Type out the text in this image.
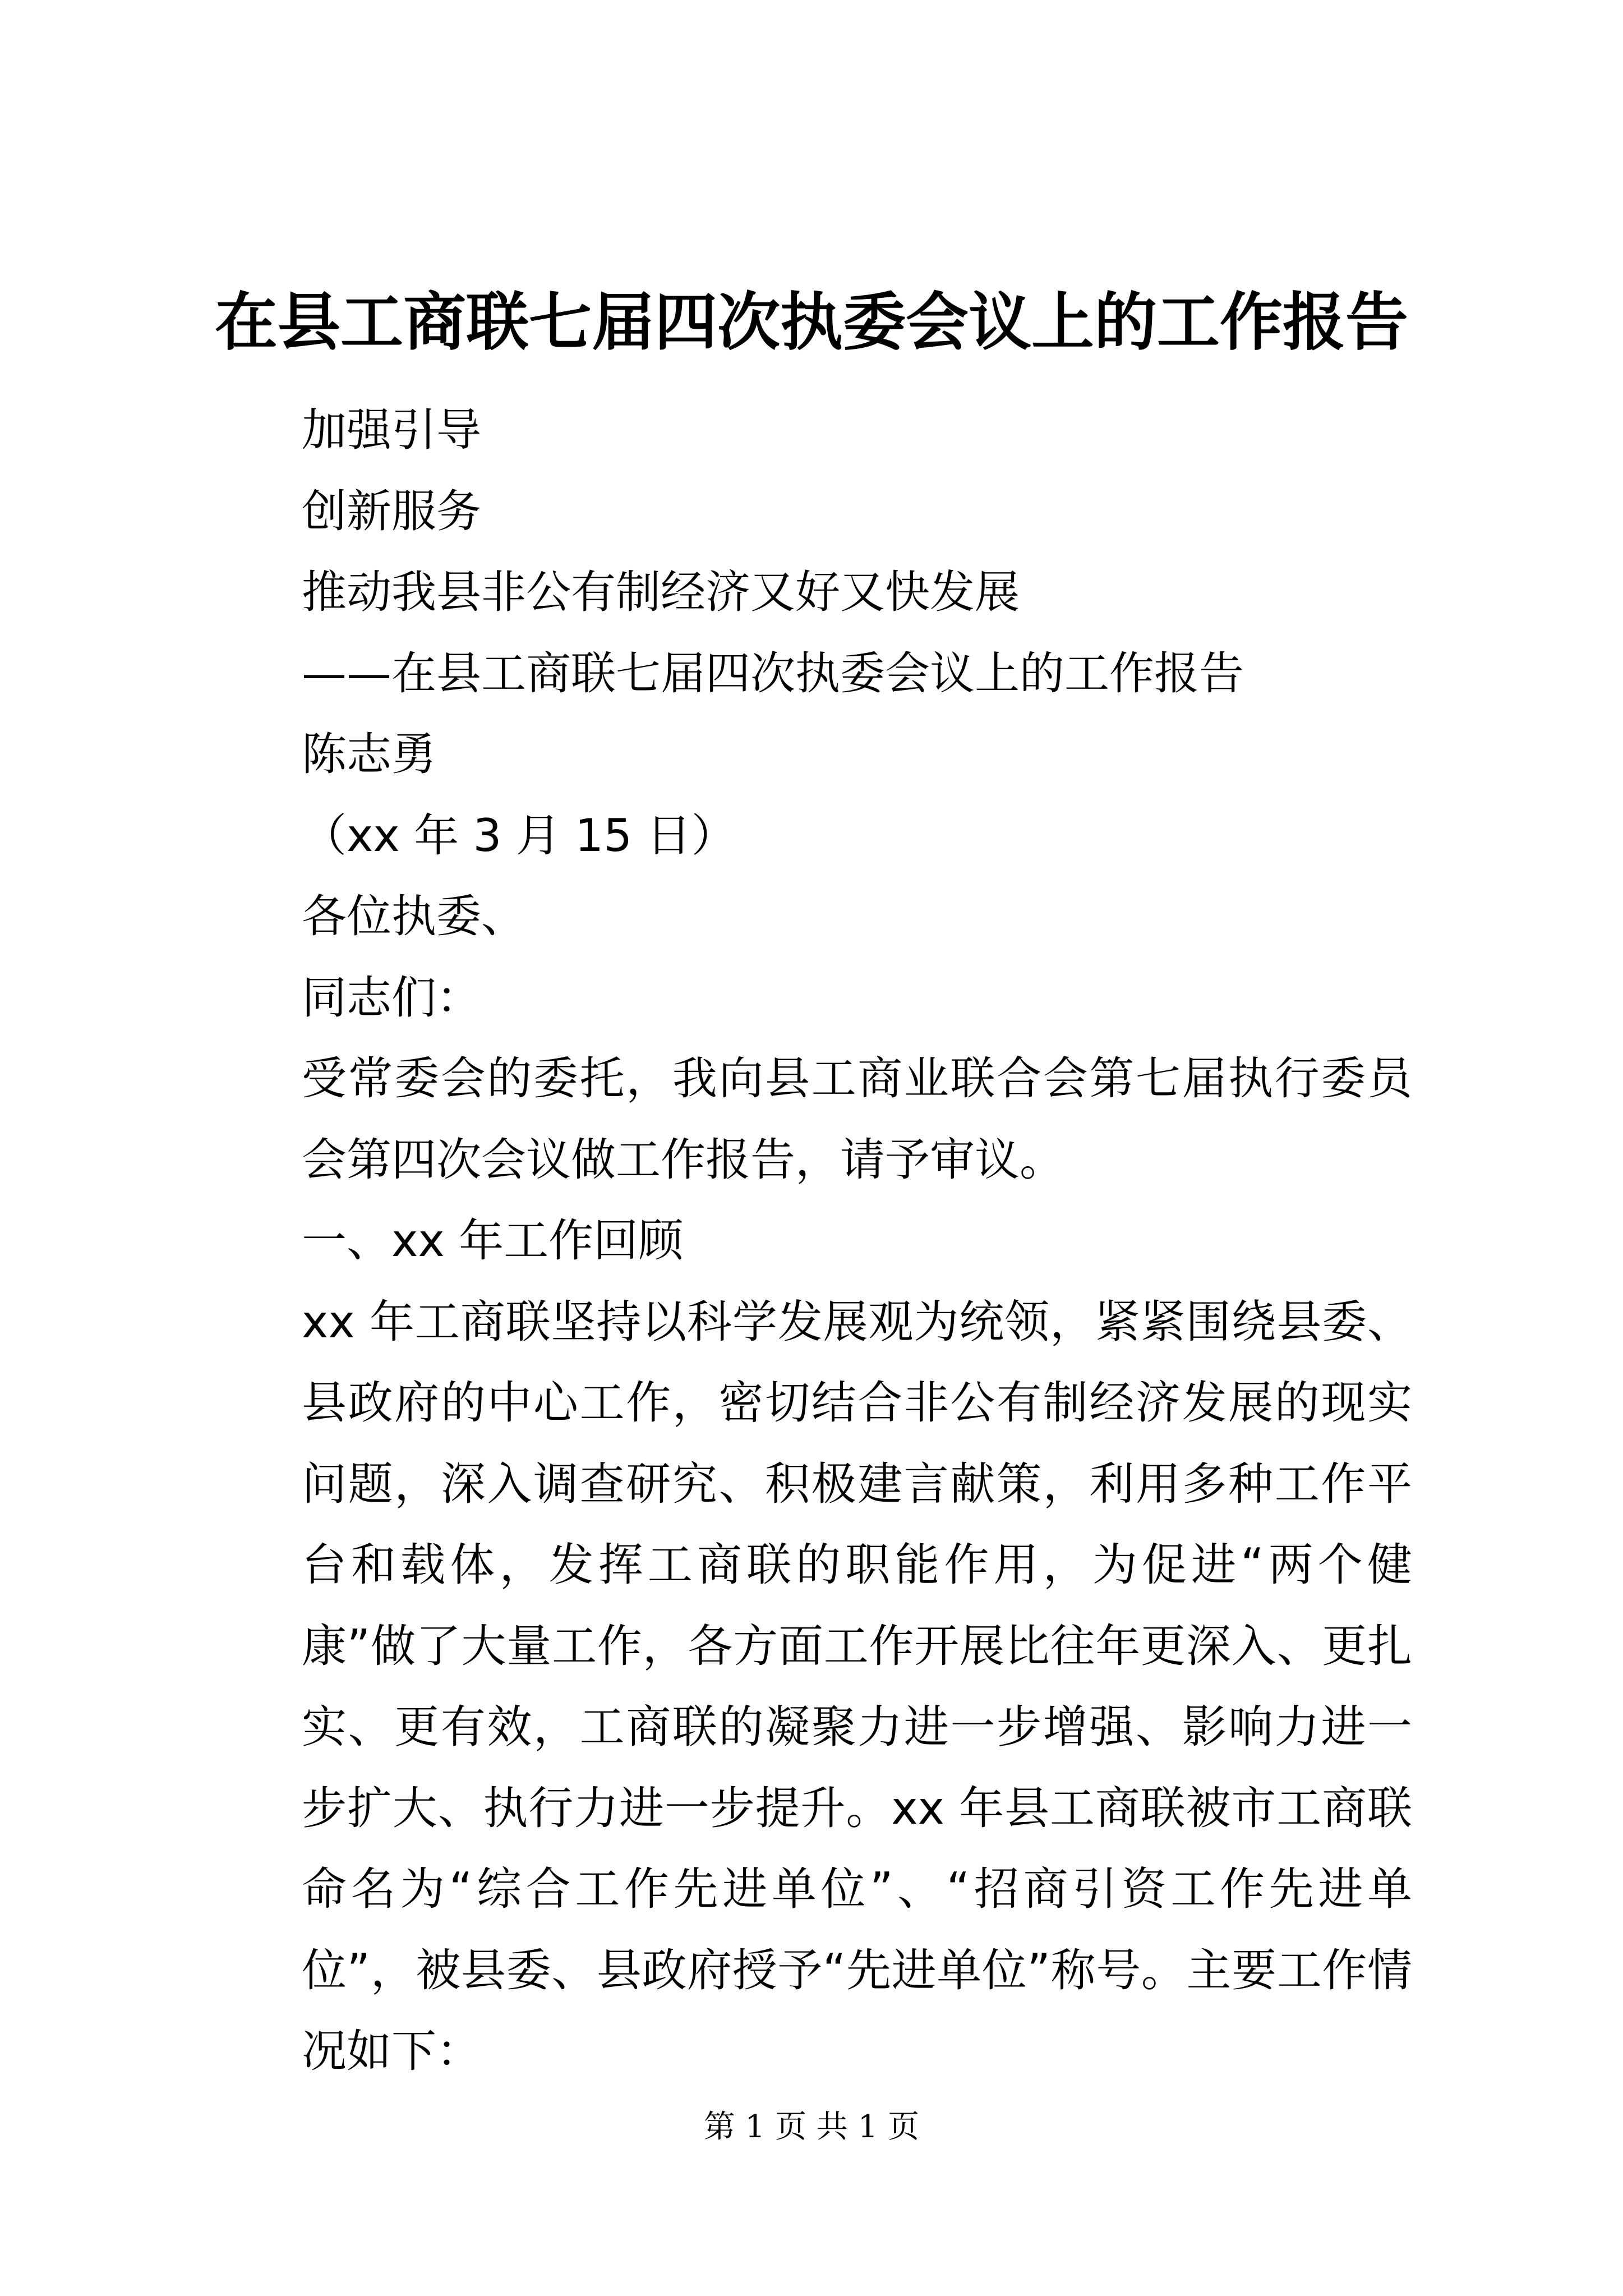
在县工商联七届四次执委会议上的工作报告
加强引导
创新服务
推动我县非公有制经济又好又快发展
——在县工商联七届四次执委会议上的工作报告
陈志勇
（xx 年 3 月 15 日）
各位执委、
同志们：
受常委会的委托，我向县工商业联合会第七届执行委员会第四次会议做工作报告，请予审议。
一、xx 年工作回顾
xx 年工商联坚持以科学发展观为统领，紧紧围绕县委、县政府的中心工作，密切结合非公有制经济发展的现实问题，深入调查研究、积极建言献策，利用多种工作平台和载体，发挥工商联的职能作用，为促进“两个健康”做了大量工作，各方面工作开展比往年更深入、更扎实、更有效，工商联的凝聚力进一步增强、影响力进一步扩大、执行力进一步提升。xx 年县工商联被市工商联命名为“综合工作先进单位”、“招商引资工作先进单位”，被县委、县政府授予“先进单位”称号。主要工作情况如下：
第 1 页 共 1 页
